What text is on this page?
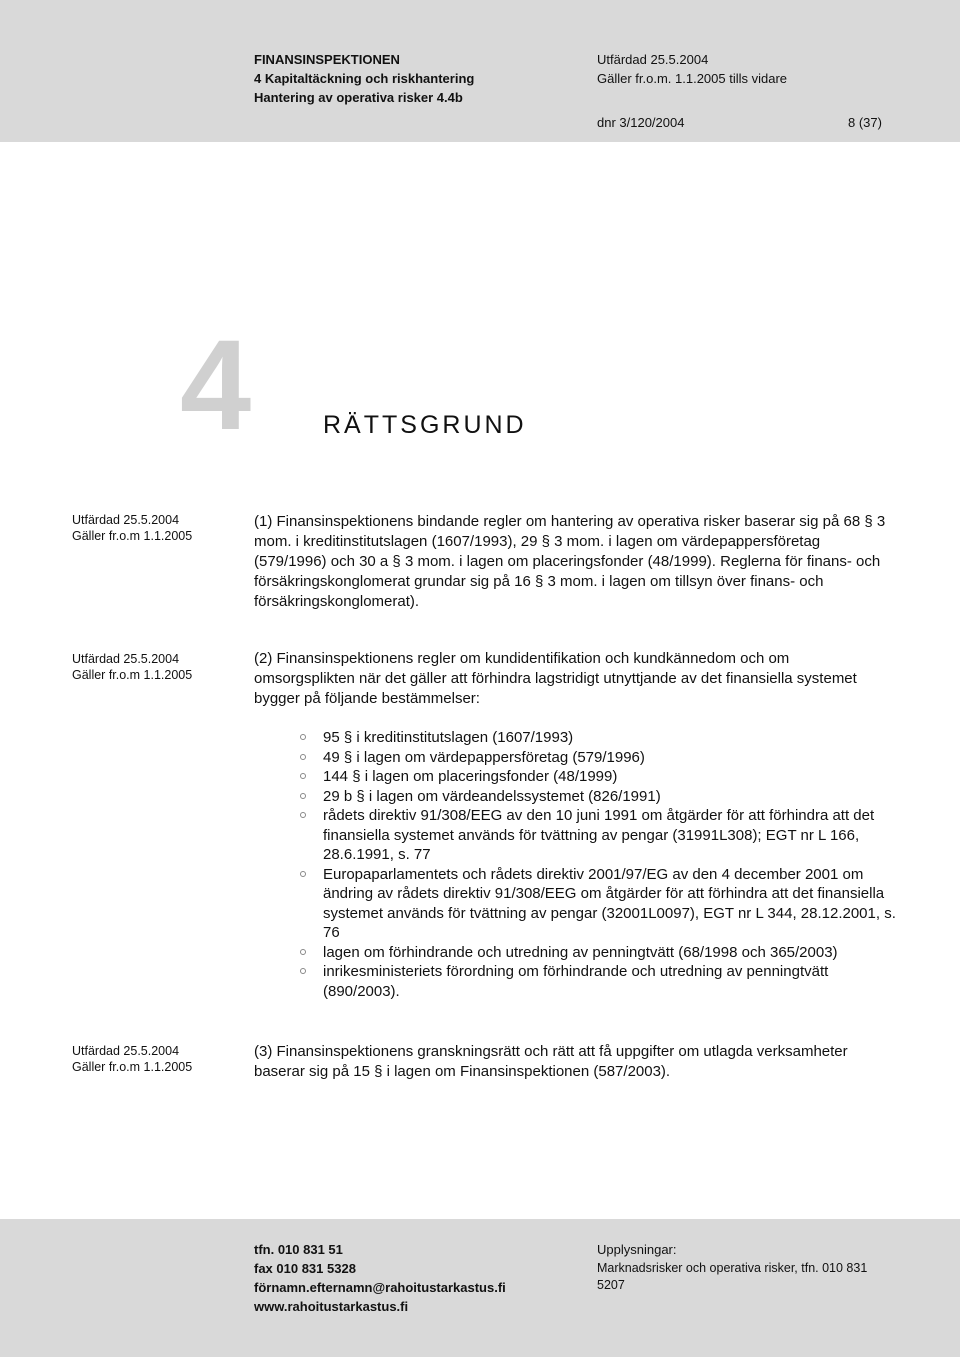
FINANSINSPEKTIONEN
4 Kapitaltäckning och riskhantering
Hantering av operativa risker 4.4b
Utfärdad 25.5.2004
Gäller fr.o.m. 1.1.2005 tills vidare
dnr 3/120/2004	8 (37)
4	RÄTTSGRUND
Utfärdad 25.5.2004
Gäller fr.o.m 1.1.2005

(1) Finansinspektionens bindande regler om hantering av operativa risker baserar sig på 68 § 3 mom. i kreditinstitutslagen (1607/1993), 29 § 3 mom. i lagen om värdepappersföretag (579/1996) och 30 a § 3 mom. i lagen om placeringsfonder (48/1999). Reglerna för finans- och försäkringskonglomerat grundar sig på 16 § 3 mom. i lagen om tillsyn över finans- och försäkringskonglomerat).

Utfärdad 25.5.2004
Gäller fr.o.m 1.1.2005

(2) Finansinspektionens regler om kundidentifikation och kundkännedom och om omsorgsplikten när det gäller att förhindra lagstridigt utnyttjande av det finansiella systemet bygger på följande bestämmelser:

95 § i kreditinstitutslagen (1607/1993)
49 § i lagen om värdepappersföretag (579/1996)
144 § i lagen om placeringsfonder (48/1999)
29 b § i lagen om värdeandelssystemet (826/1991)
rådets direktiv 91/308/EEG av den 10 juni 1991 om åtgärder för att förhindra att det finansiella systemet används för tvättning av pengar (31991L308); EGT nr L 166, 28.6.1991, s. 77
Europaparlamentets och rådets direktiv 2001/97/EG av den 4 december 2001 om ändring av rådets direktiv 91/308/EEG om åtgärder för att förhindra att det finansiella systemet används för tvättning av pengar (32001L0097), EGT nr L 344, 28.12.2001, s. 76
lagen om förhindrande och utredning av penningtvätt (68/1998 och 365/2003)
inrikesministeriets förordning om förhindrande och utredning av penningtvätt (890/2003).
Utfärdad 25.5.2004
Gäller fr.o.m 1.1.2005

(3) Finansinspektionens granskningsrätt och rätt att få uppgifter om utlagda verksamheter baserar sig på 15 § i lagen om Finansinspektionen (587/2003).

tfn. 010 831 51
fax 010 831 5328
förnamn.efternamn@rahoitustarkastus.fi
www.rahoitustarkastus.fi
Upplysningar:
Marknadsrisker och operativa risker, tfn. 010 831 5207
